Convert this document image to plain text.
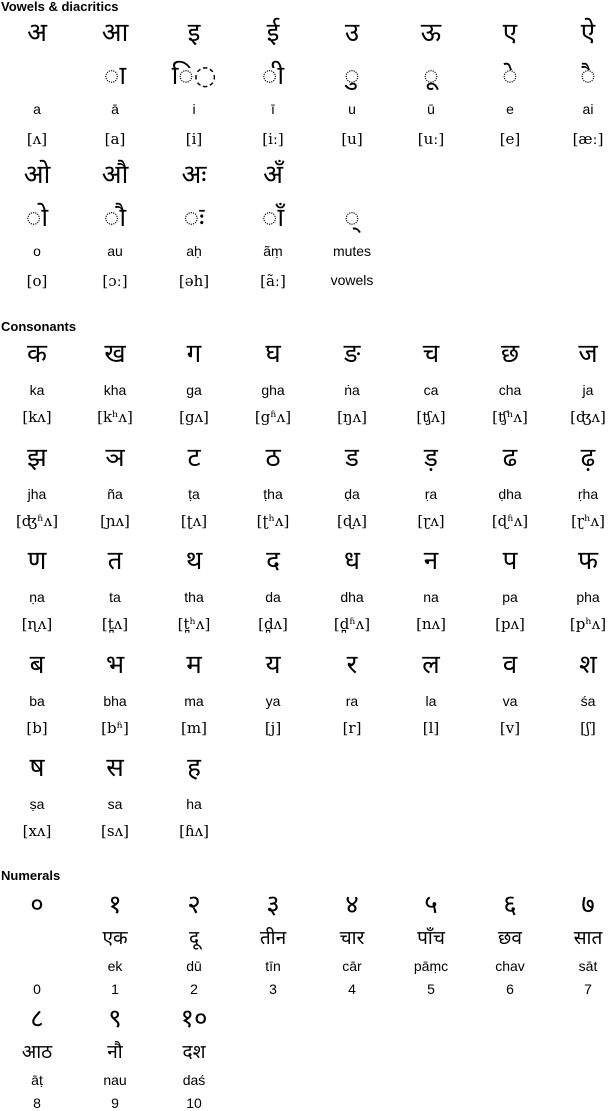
Vowels & diacritics
Consonants
Numerals
अ
a
[ʌ]
आ
◌ा
ā
[a]
इ
ि◌
i
[i]
ई
◌ी
ī
[iː]
उ
◌ु
u
[u]
ऊ
◌ू
ū
[uː]
ए
◌े
e
[e]
ऐ
◌ै
ai
[æː]
ओ
◌ो
o
[o]
औ
◌ौ
au
[ɔː]
अः
◌ः
aḥ
[əh]
अँ
◌ाँ
ãṃ
[ãː]
◌्
mutes
vowels
क
ka
[kʌ]
ख
kha
[kʰʌ]
ग
ga
[gʌ]
घ
gha
[gʱʌ]
ङ
ṅa
[ŋʌ]
च
ca
[ʧʌ]
छ
cha
[ʧʰʌ]
ज
ja
[ʤʌ]
झ
jha
[ʤʱʌ]
ञ
ña
[ɲʌ]
ट
ṭa
[ʈʌ]
ठ
ṭha
[ʈʰʌ]
ड
ḍa
[ɖʌ]
ड़
ṛa
[ɽʌ]
ढ
ḍha
[ɖʱʌ]
ढ़
ṛha
[ɽʰʌ]
ण
ṇa
[ɳʌ]
त
ta
[t̪ʌ]
थ
tha
[t̪ʰʌ]
द
da
[d̪ʌ]
ध
dha
[d̪ʱʌ]
न
na
[nʌ]
प
pa
[pʌ]
फ
pha
[pʰʌ]
ब
ba
[b]
भ
bha
[bʱ]
म
ma
[m]
य
ya
[j]
र
ra
[r]
ल
la
[l]
व
va
[v]
श
śa
[ʃ]
ष
ṣa
[xʌ]
स
sa
[sʌ]
ह
ha
[ɦʌ]
०
0
१
एक
ek
1
२
दू
dū
2
३
तीन
tīn
3
४
चार
cār
4
५
पाँच
pāṃc
5
६
छव
chav
6
७
सात
sāt
7
८
आठ
āṭ
8
९
नौ
nau
9
१०
दश
daś
10
